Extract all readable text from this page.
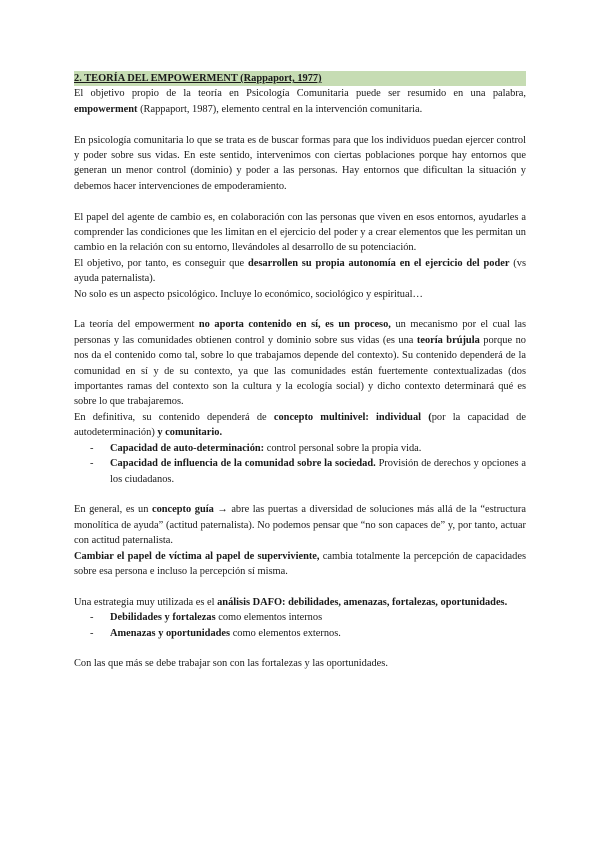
2. TEORÍA DEL EMPOWERMENT (Rappaport, 1977)

El objetivo propio de la teoría en Psicología Comunitaria puede ser resumido en una palabra, empowerment (Rappaport, 1987), elemento central en la intervención comunitaria.

En psicología comunitaria lo que se trata es de buscar formas para que los individuos puedan ejercer control y poder sobre sus vidas. En este sentido, intervenimos con ciertas poblaciones porque hay entornos que generan un menor control (dominio) y poder a las personas. Hay entornos que dificultan la situación y debemos hacer intervenciones de empoderamiento.

El papel del agente de cambio es, en colaboración con las personas que viven en esos entornos, ayudarles a comprender las condiciones que les limitan en el ejercicio del poder y a crear elementos que les permitan un cambio en la relación con su entorno, llevándoles al desarrollo de su potenciación.

El objetivo, por tanto, es conseguir que desarrollen su propia autonomía en el ejercicio del poder (vs ayuda paternalista).

No solo es un aspecto psicológico. Incluye lo económico, sociológico y espiritual…

La teoría del empowerment no aporta contenido en sí, es un proceso, un mecanismo por el cual las personas y las comunidades obtienen control y dominio sobre sus vidas (es una teoría brújula porque no nos da el contenido como tal, sobre lo que trabajamos depende del contexto). Su contenido dependerá de la comunidad en sí y de su contexto, ya que las comunidades están fuertemente contextualizadas (dos importantes ramas del contexto son la cultura y la ecología social) y dicho contexto determinará qué es sobre lo que trabajaremos.

En definitiva, su contenido dependerá de concepto multinivel: individual (por la capacidad de autodeterminación) y comunitario.

- Capacidad de auto-determinación: control personal sobre la propia vida.
- Capacidad de influencia de la comunidad sobre la sociedad. Provisión de derechos y opciones a los ciudadanos.

En general, es un concepto guía → abre las puertas a diversidad de soluciones más allá de la “estructura monolítica de ayuda” (actitud paternalista). No podemos pensar que “no son capaces de” y, por tanto, actuar con actitud paternalista.

Cambiar el papel de víctima al papel de superviviente, cambia totalmente la percepción de capacidades sobre esa persona e incluso la percepción sí misma.

Una estrategia muy utilizada es el análisis DAFO: debilidades, amenazas, fortalezas, oportunidades.

- Debilidades y fortalezas como elementos internos
- Amenazas y oportunidades como elementos externos.

Con las que más se debe trabajar son con las fortalezas y las oportunidades.
